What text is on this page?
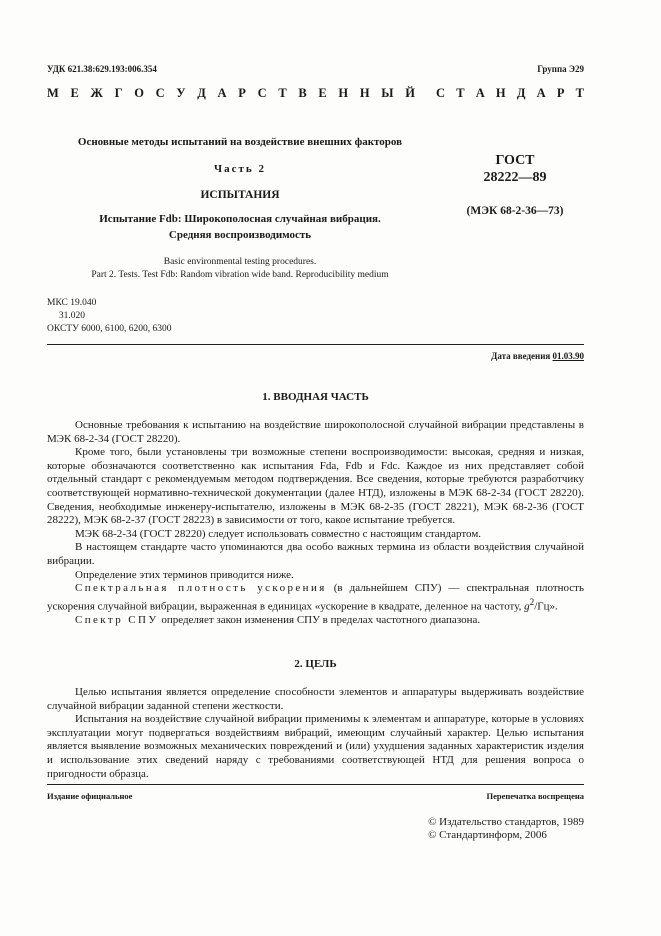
УДК 621.38:629.193:006.354	Группа Э29
М Е Ж Г О С У Д А Р С Т В Е Н Н Ы Й С Т А Н Д А Р Т
Основные методы испытаний на воздействие внешних факторов
Часть 2
ИСПЫТАНИЯ
Испытание Fdb: Широкополосная случайная вибрация.
Средняя воспроизводимость
ГОСТ
28222—89
(МЭК 68-2-36—73)
Basic environmental testing procedures.
Part 2. Tests. Test Fdb: Random vibration wide band. Reproducibility medium
МКС 19.040
31.020
ОКСТУ 6000, 6100, 6200, 6300
Дата введения 01.03.90
1. ВВОДНАЯ ЧАСТЬ

Основные требования к испытанию на воздействие широкополосной случайной вибрации представлены в МЭК 68-2-34 (ГОСТ 28220).

Кроме того, были установлены три возможные степени воспроизводимости: высокая, средняя и низкая, которые обозначаются соответственно как испытания Fda, Fdb и Fdc. Каждое из них представляет собой отдельный стандарт с рекомендуемым методом подтверждения. Все сведения, которые требуются разработчику соответствующей нормативно-технической документации (далее НТД), изложены в МЭК 68-2-34 (ГОСТ 28220). Сведения, необходимые инженеру-испытателю, изложены в МЭК 68-2-35 (ГОСТ 28221), МЭК 68-2-36 (ГОСТ 28222), МЭК 68-2-37 (ГОСТ 28223) в зависимости от того, какое испытание требуется.

МЭК 68-2-34 (ГОСТ 28220) следует использовать совместно с настоящим стандартом.

В настоящем стандарте часто упоминаются два особо важных термина из области воздействия случайной вибрации.

Определение этих терминов приводится ниже.

Спектральная плотность ускорения (в дальнейшем СПУ) — спектральная плотность ускорения случайной вибрации, выраженная в единицах «ускорение в квадрате, деленное на частоту, $g^2/Гц$».

Спектр СПУ определяет закон изменения СПУ в пределах частотного диапазона.

2. ЦЕЛЬ

Целью испытания является определение способности элементов и аппаратуры выдерживать воздействие случайной вибрации заданной степени жесткости.

Испытания на воздействие случайной вибрации применимы к элементам и аппаратуре, которые в условиях эксплуатации могут подвергаться воздействиям вибраций, имеющим случайный характер. Целью испытания является выявление возможных механических повреждений и (или) ухудшения заданных характеристик изделия и использование этих сведений наряду с требованиями соответствующей НТД для решения вопроса о пригодности образца.

Издание официальное	Перепечатка воспрещена
© Издательство стандартов, 1989
© Стандартинформ, 2006
